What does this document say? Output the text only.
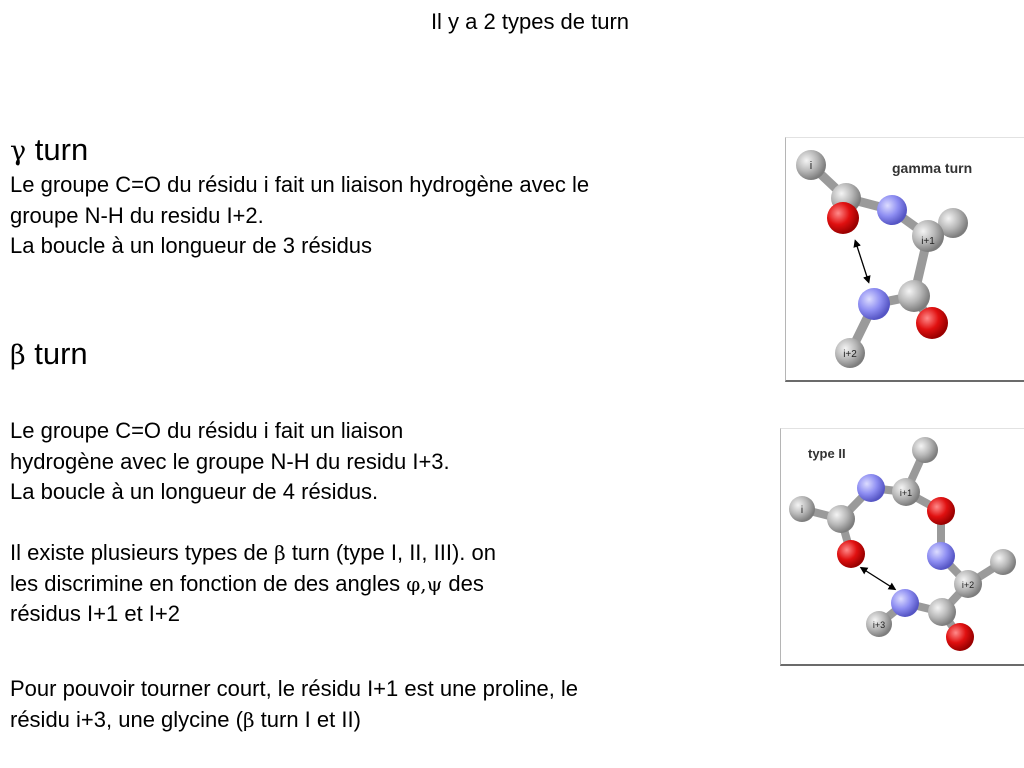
Il y a 2 types de turn
γ turn
Le groupe C=O du résidu i fait un liaison hydrogène avec le
groupe N-H du residu I+2.
La boucle à un longueur de 3 résidus
β turn
Le groupe C=O du résidu i fait un liaison
hydrogène avec le groupe N-H du residu I+3.
La boucle à un longueur de 4 résidus.
Il existe plusieurs types de β turn (type I, II, III). on
les discrimine en fonction de des angles φ,ψ des
résidus I+1 et I+2
Pour pouvoir tourner court, le résidu I+1 est une proline, le
résidu i+3, une glycine (β turn I et II)
gamma turn
i
i+1
i+2
type II
i
i+1
i+2
i+3
